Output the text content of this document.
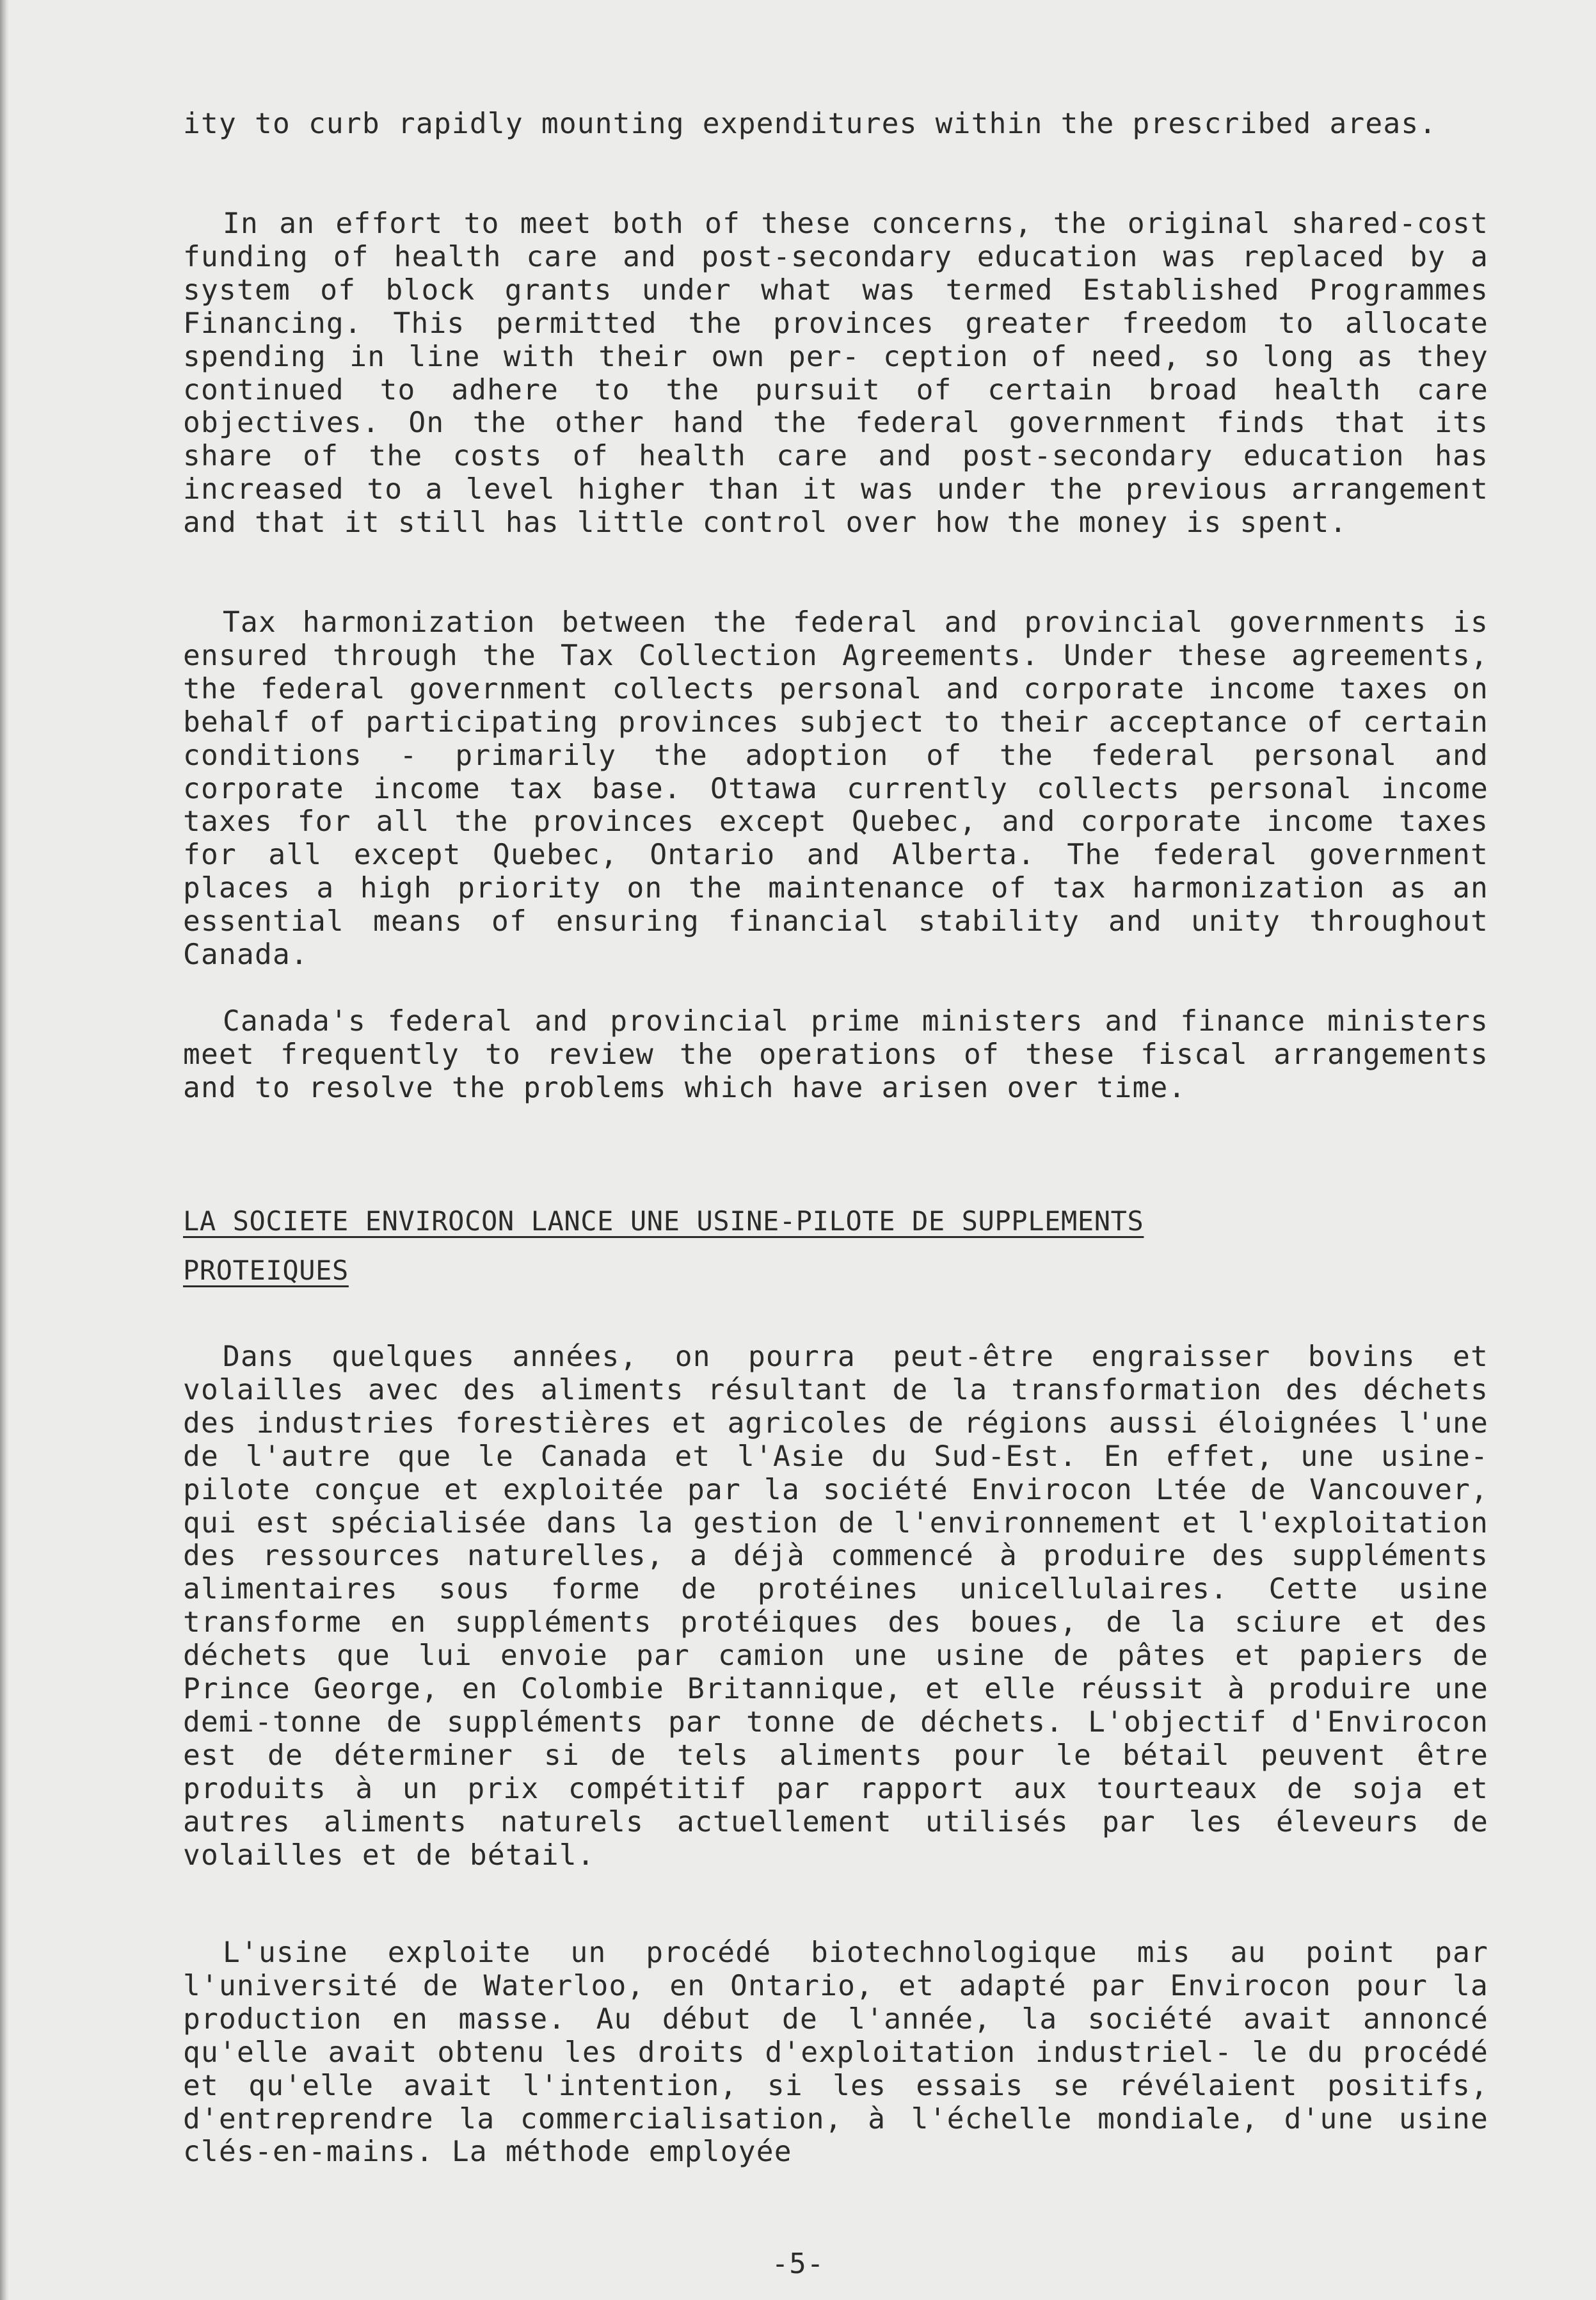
ity to curb rapidly mounting expenditures within the prescribed areas.

In an effort to meet both of these concerns, the original shared-cost funding of health care and post-secondary education was replaced by a system of block grants under what was termed Established Programmes Financing. This permitted the provinces greater freedom to allocate spending in line with their own per- ception of need, so long as they continued to adhere to the pursuit of certain broad health care objectives. On the other hand the federal government finds that its share of the costs of health care and post-secondary education has increased to a level higher than it was under the previous arrangement and that it still has little control over how the money is spent.

Tax harmonization between the federal and provincial governments is ensured through the Tax Collection Agreements. Under these agreements, the federal government collects personal and corporate income taxes on behalf of participating provinces subject to their acceptance of certain conditions - primarily the adoption of the federal personal and corporate income tax base. Ottawa currently collects personal income taxes for all the provinces except Quebec, and corporate income taxes for all except Quebec, Ontario and Alberta. The federal government places a high priority on the maintenance of tax harmonization as an essential means of ensuring financial stability and unity throughout Canada.

Canada's federal and provincial prime ministers and finance ministers meet frequently to review the operations of these fiscal arrangements and to resolve the problems which have arisen over time.

LA SOCIETE ENVIROCON LANCE UNE USINE-PILOTE DE SUPPLEMENTS
PROTEIQUES

Dans quelques années, on pourra peut-être engraisser bovins et volailles avec des aliments résultant de la transformation des déchets des industries forestières et agricoles de régions aussi éloignées l'une de l'autre que le Canada et l'Asie du Sud-Est. En effet, une usine-pilote conçue et exploitée par la société Envirocon Ltée de Vancouver, qui est spécialisée dans la gestion de l'environnement et l'exploitation des ressources naturelles, a déjà commencé à produire des suppléments alimentaires sous forme de protéines unicellulaires. Cette usine transforme en suppléments protéiques des boues, de la sciure et des déchets que lui envoie par camion une usine de pâtes et papiers de Prince George, en Colombie Britannique, et elle réussit à produire une demi-tonne de suppléments par tonne de déchets. L'objectif d'Envirocon est de déterminer si de tels aliments pour le bétail peuvent être produits à un prix compétitif par rapport aux tourteaux de soja et autres aliments naturels actuellement utilisés par les éleveurs de volailles et de bétail.

L'usine exploite un procédé biotechnologique mis au point par l'université de Waterloo, en Ontario, et adapté par Envirocon pour la production en masse. Au début de l'année, la société avait annoncé qu'elle avait obtenu les droits d'exploitation industriel- le du procédé et qu'elle avait l'intention, si les essais se révélaient positifs, d'entreprendre la commercialisation, à l'échelle mondiale, d'une usine clés-en-mains. La méthode employée

-5-
